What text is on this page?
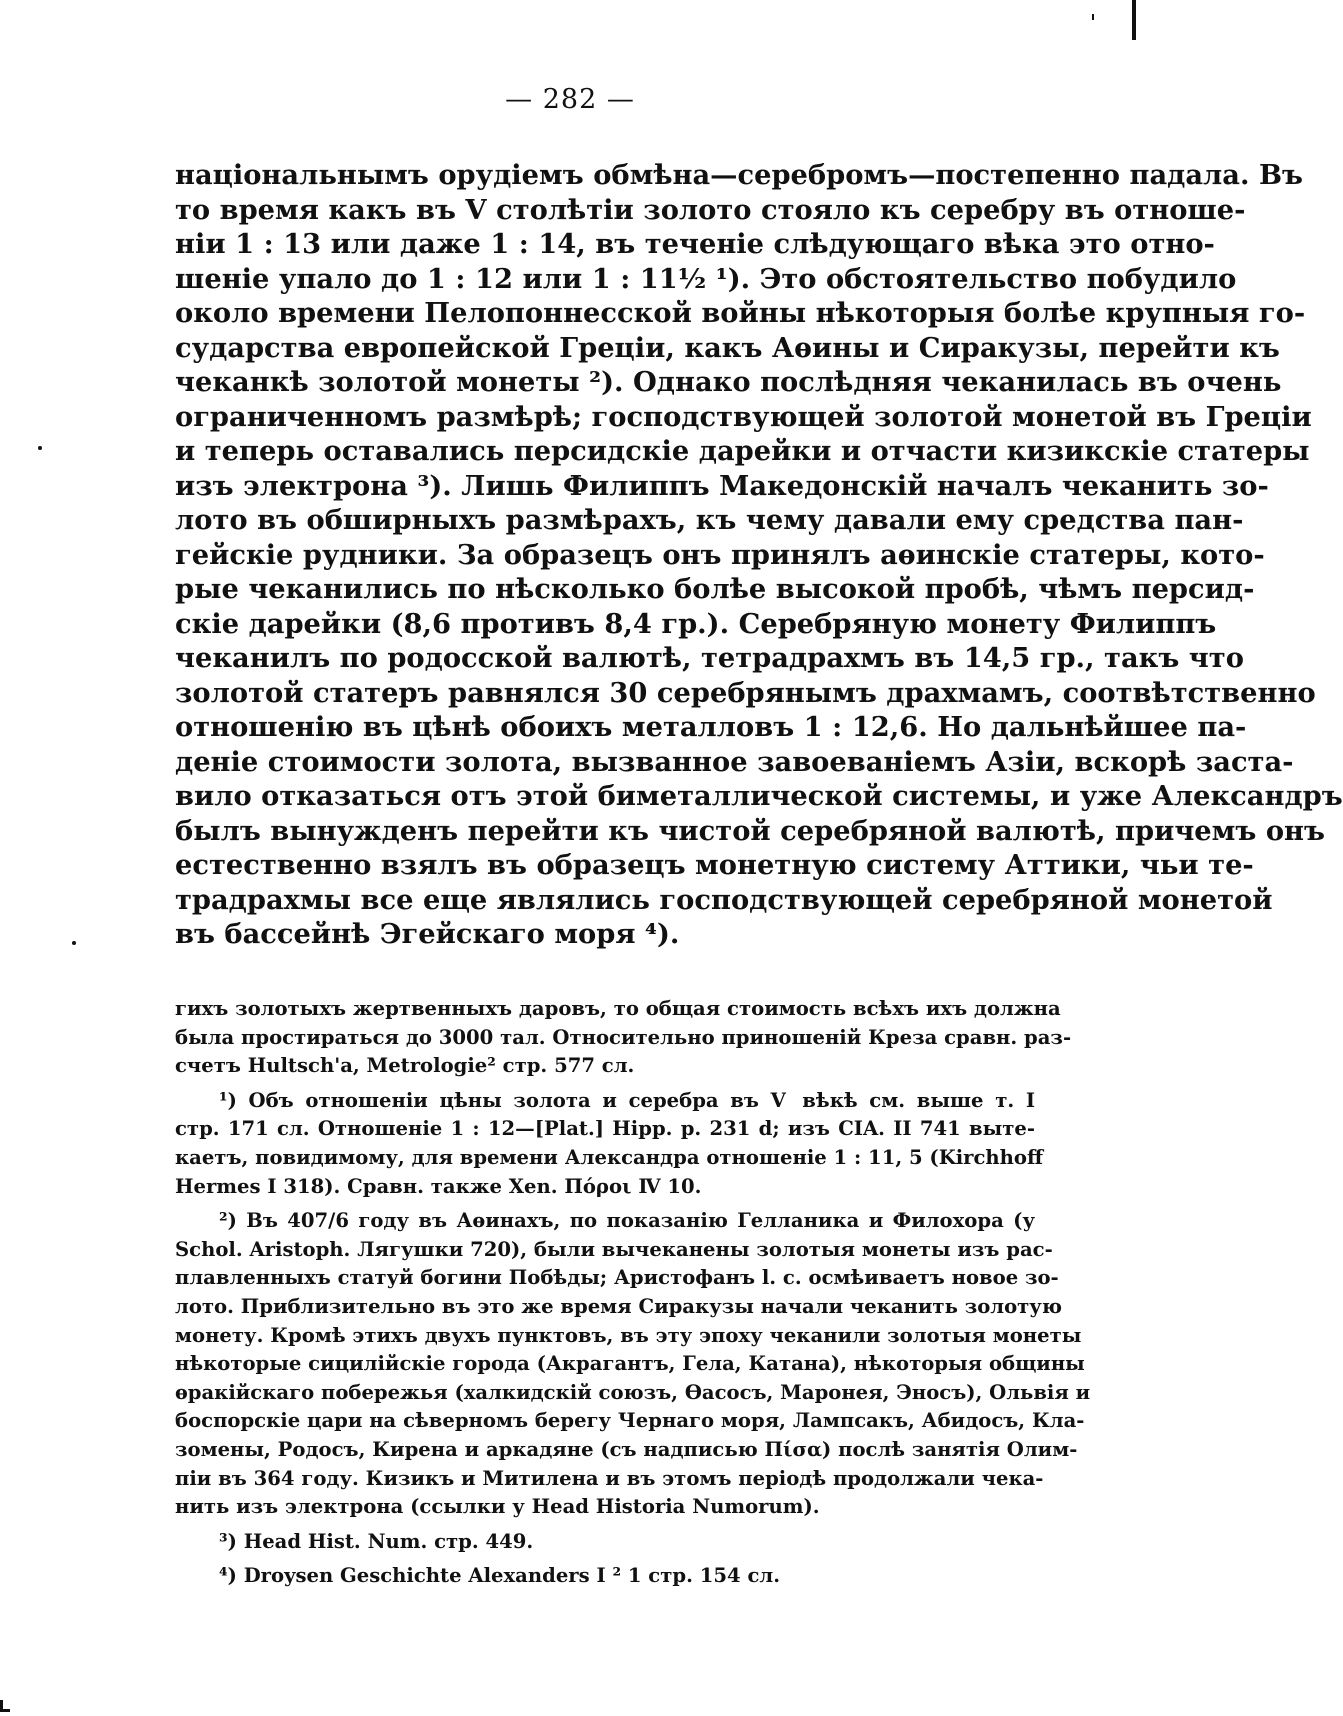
— 282 —
національнымъ орудіемъ обмѣна—серебромъ—постепенно падала. Въ
то время какъ въ Ⅴ столѣтіи золото стояло къ серебру въ отноше-
ніи 1 : 13 или даже 1 : 14, въ теченіе слѣдующаго вѣка это отно-
шеніе упало до 1 : 12 или 1 : 11½ ¹). Это обстоятельство побудило
около времени Пелопоннесской войны нѣкоторыя болѣе крупныя го-
сударства европейской Греціи, какъ Аѳины и Сиракузы, перейти къ
чеканкѣ золотой монеты ²). Однако послѣдняя чеканилась въ очень
ограниченномъ размѣрѣ; господствующей золотой монетой въ Греціи
и теперь оставались персидскіе дарейки и отчасти кизикскіе статеры
изъ электрона ³). Лишь Филиппъ Македонскій началъ чеканить зо-
лото въ обширныхъ размѣрахъ, къ чему давали ему средства пан-
гейскіе рудники. За образецъ онъ принялъ аѳинскіе статеры, кото-
рые чеканились по нѣсколько болѣе высокой пробѣ, чѣмъ персид-
скіе дарейки (8,6 противъ 8,4 гр.). Серебряную монету Филиппъ
чеканилъ по родосской валютѣ, тетрадрахмъ въ 14,5 гр., такъ что
золотой статеръ равнялся 30 серебрянымъ драхмамъ, соотвѣтственно
отношенію въ цѣнѣ обоихъ металловъ 1 : 12,6. Но дальнѣйшее па-
деніе стоимости золота, вызванное завоеваніемъ Азіи, вскорѣ заста-
вило отказаться отъ этой биметаллической системы, и уже Александръ
былъ вынужденъ перейти къ чистой серебряной валютѣ, причемъ онъ
естественно взялъ въ образецъ монетную систему Аттики, чьи те-
традрахмы все еще являлись господствующей серебряной монетой
въ бассейнѣ Эгейскаго моря ⁴).
гихъ золотыхъ жертвенныхъ даровъ, то общая стоимость всѣхъ ихъ должна
была простираться до 3000 тал. Относительно приношеній Креза сравн. раз-
счетъ Hultsch'a, Metrologie² стр. 577 сл.
¹) Объ отношеніи цѣны золота и серебра въ Ⅴ вѣкѣ см. выше т. I
стр. 171 сл. Отношеніе 1 : 12—[Plat.] Hipp. p. 231 d; изъ CIA. II 741 выте-
каетъ, повидимому, для времени Александра отношеніе 1 : 11, 5 (Kirchhoff
Hermes I 318). Сравн. также Xen. Πόροι Ⅳ 10.
²) Въ 407/6 году въ Аѳинахъ, по показанію Гелланика и Филохора (у
Schol. Aristoph. Лягушки 720), были вычеканены золотыя монеты изъ рас-
плавленныхъ статуй богини Побѣды; Аристофанъ l. c. осмѣиваетъ новое зо-
лото. Приблизительно въ это же время Сиракузы начали чеканить золотую
монету. Кромѣ этихъ двухъ пунктовъ, въ эту эпоху чеканили золотыя монеты
нѣкоторые сицилійскіе города (Акрагантъ, Гела, Катана), нѣкоторыя общины
ѳракійскаго побережья (халкидскій союзъ, Ѳасосъ, Маронея, Эносъ), Ольвія и
боспорскіе цари на сѣверномъ берегу Чернаго моря, Лампсакъ, Абидосъ, Кла-
зомены, Родосъ, Кирена и аркадяне (съ надписью Πίσα) послѣ занятія Олим-
піи въ 364 году. Кизикъ и Митилена и въ этомъ періодѣ продолжали чека-
нить изъ электрона (ссылки у Head Historia Numorum).
³) Head Hist. Num. стр. 449.
⁴) Droysen Geschichte Alexanders I ² 1 стр. 154 сл.
